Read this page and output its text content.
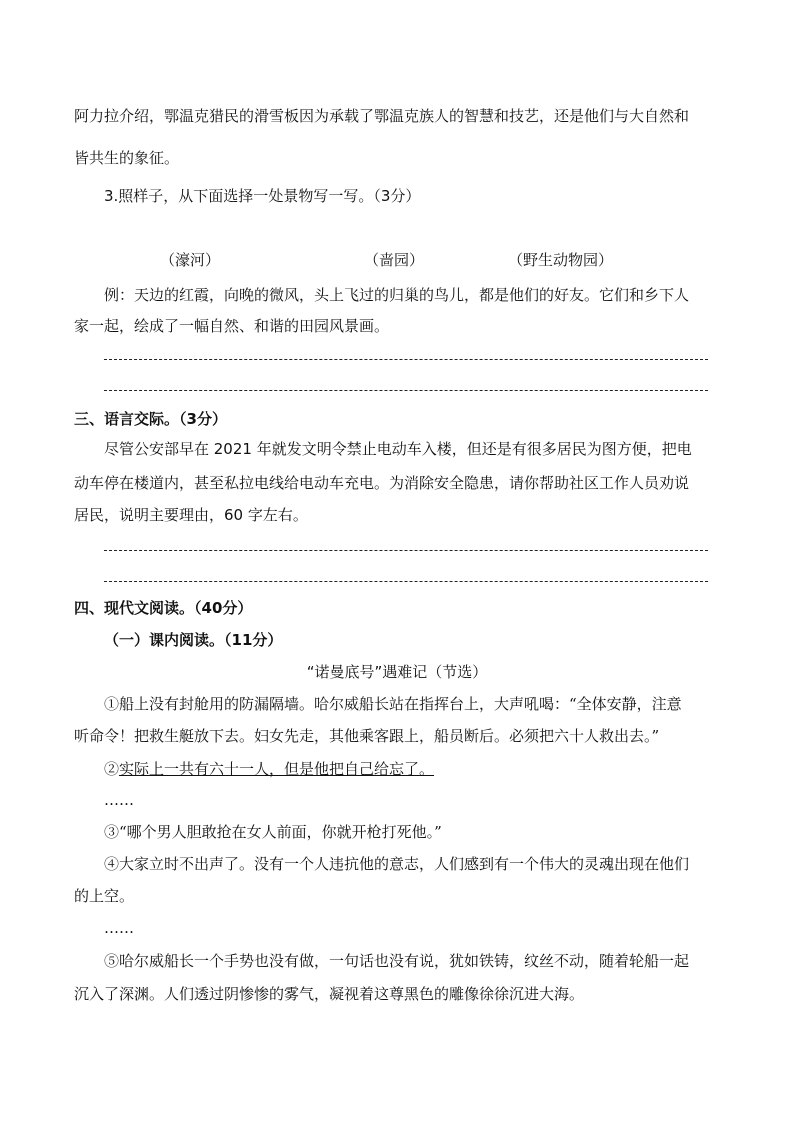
阿力拉介绍，鄂温克猎民的滑雪板因为承载了鄂温克族人的智慧和技艺，还是他们与大自然和
皆共生的象征。
3.照样子，从下面选择一处景物写一写。（3分）
（濠河）	（啬园）	（野生动物园）
例：天边的红霞，向晚的微风，头上飞过的归巢的鸟儿，都是他们的好友。它们和乡下人
家一起，绘成了一幅自然、和谐的田园风景画。
三、语言交际。（3分）
尽管公安部早在 2021 年就发文明令禁止电动车入楼，但还是有很多居民为图方便，把电
动车停在楼道内，甚至私拉电线给电动车充电。为消除安全隐患，请你帮助社区工作人员劝说
居民，说明主要理由，60 字左右。
四、现代文阅读。（40分）
（一）课内阅读。（11分）
“诺曼底号”遇难记（节选）
①船上没有封舱用的防漏隔墙。哈尔威船长站在指挥台上，大声吼喝：“全体安静，注意
听命令！把救生艇放下去。妇女先走，其他乘客跟上，船员断后。必须把六十人救出去。”
②实际上一共有六十一人，但是他把自己给忘了。
……
③“哪个男人胆敢抢在女人前面，你就开枪打死他。”
④大家立时不出声了。没有一个人违抗他的意志，人们感到有一个伟大的灵魂出现在他们
的上空。
……
⑤哈尔威船长一个手势也没有做，一句话也没有说，犹如铁铸，纹丝不动，随着轮船一起
沉入了深渊。人们透过阴惨惨的雾气，凝视着这尊黑色的雕像徐徐沉进大海。
